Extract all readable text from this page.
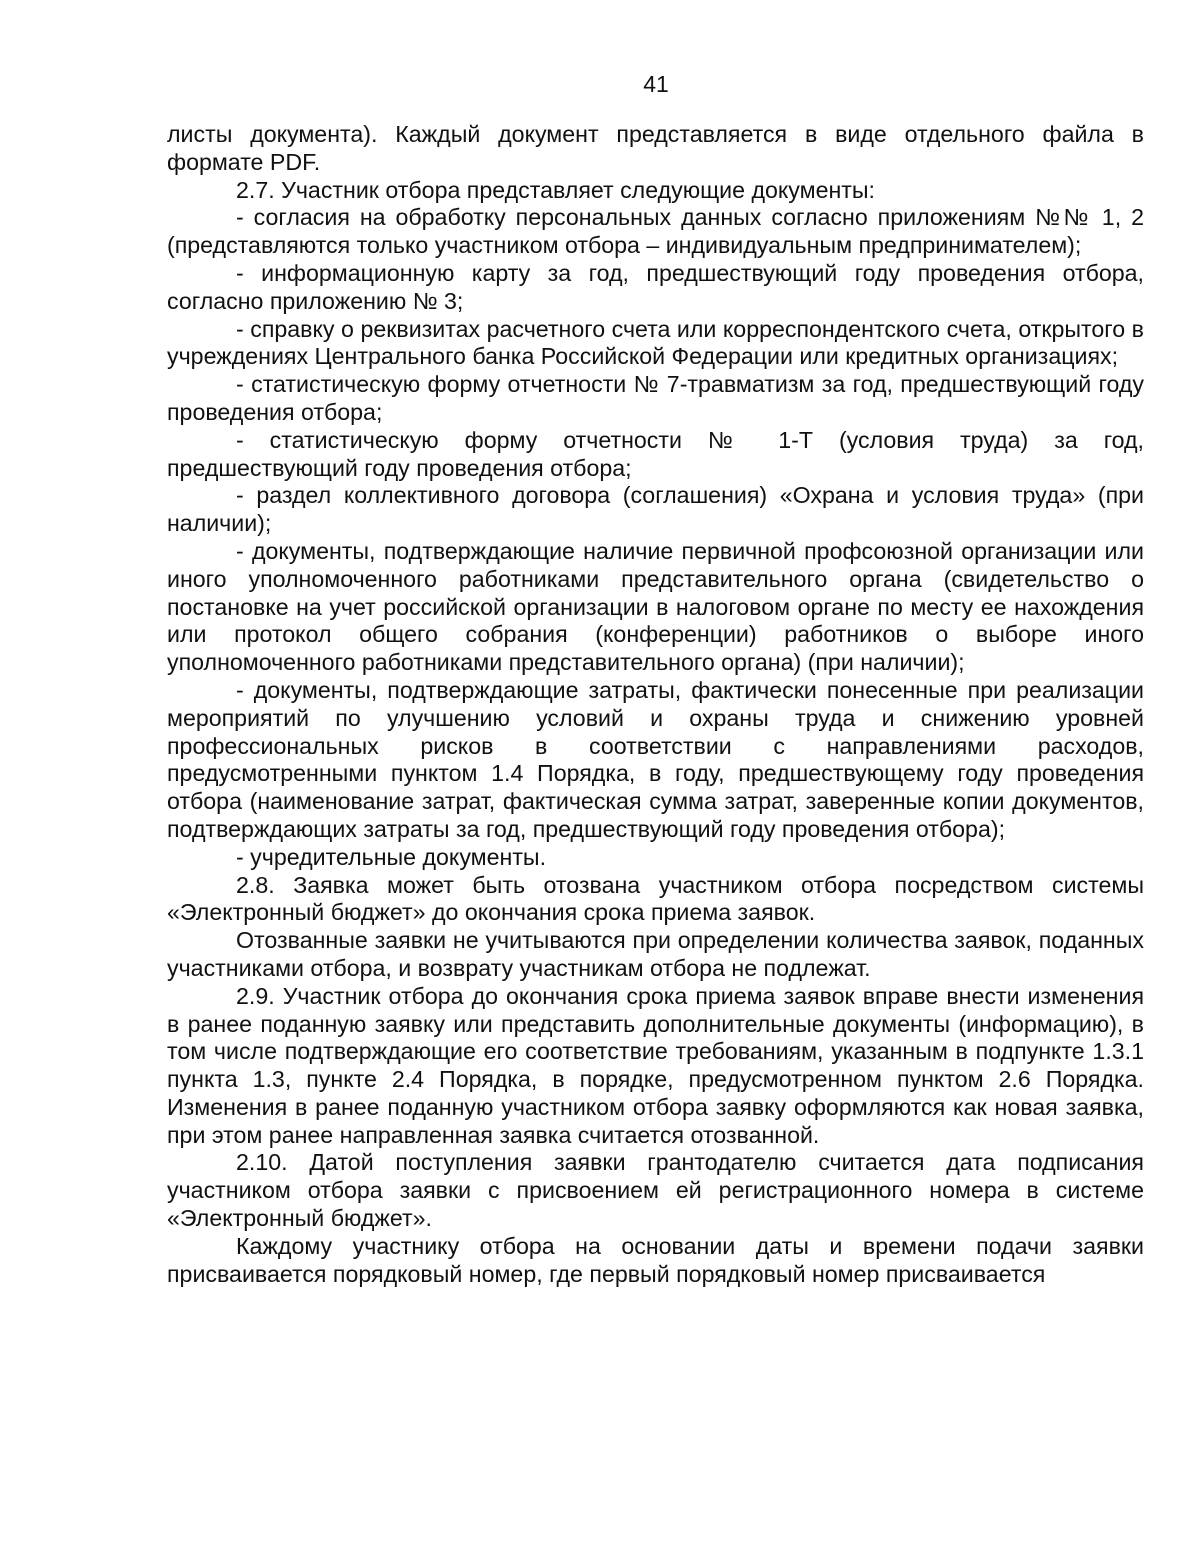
41

листы документа). Каждый документ представляется в виде отдельного файла в формате PDF.

2.7. Участник отбора представляет следующие документы:

- согласия на обработку персональных данных согласно приложениям №№ 1, 2 (представляются только участником отбора – индивидуальным предпринимателем);

- информационную карту за год, предшествующий году проведения отбора, согласно приложению № 3;

- справку о реквизитах расчетного счета или корреспондентского счета, открытого в учреждениях Центрального банка Российской Федерации или кредитных организациях;

- статистическую форму отчетности № 7-травматизм за год, предшествующий году проведения отбора;

- статистическую форму отчетности № 1-Т (условия труда) за год, предшествующий году проведения отбора;

- раздел коллективного договора (соглашения) «Охрана и условия труда» (при наличии);

- документы, подтверждающие наличие первичной профсоюзной организации или иного уполномоченного работниками представительного органа (свидетельство о постановке на учет российской организации в налоговом органе по месту ее нахождения или протокол общего собрания (конференции) работников о выборе иного уполномоченного работниками представительного органа) (при наличии);

- документы, подтверждающие затраты, фактически понесенные при реализации мероприятий по улучшению условий и охраны труда и снижению уровней профессиональных рисков в соответствии с направлениями расходов, предусмотренными пунктом 1.4 Порядка, в году, предшествующему году проведения отбора (наименование затрат, фактическая сумма затрат, заверенные копии документов, подтверждающих затраты за год, предшествующий году проведения отбора);

- учредительные документы.

2.8. Заявка может быть отозвана участником отбора посредством системы «Электронный бюджет» до окончания срока приема заявок.

Отозванные заявки не учитываются при определении количества заявок, поданных участниками отбора, и возврату участникам отбора не подлежат.

2.9. Участник отбора до окончания срока приема заявок вправе внести изменения в ранее поданную заявку или представить дополнительные документы (информацию), в том числе подтверждающие его соответствие требованиям, указанным в подпункте 1.3.1 пункта 1.3, пункте 2.4 Порядка, в порядке, предусмотренном пунктом 2.6 Порядка. Изменения в ранее поданную участником отбора заявку оформляются как новая заявка, при этом ранее направленная заявка считается отозванной.

2.10. Датой поступления заявки грантодателю считается дата подписания участником отбора заявки с присвоением ей регистрационного номера в системе «Электронный бюджет».

Каждому участнику отбора на основании даты и времени подачи заявки присваивается порядковый номер, где первый порядковый номер присваивается
